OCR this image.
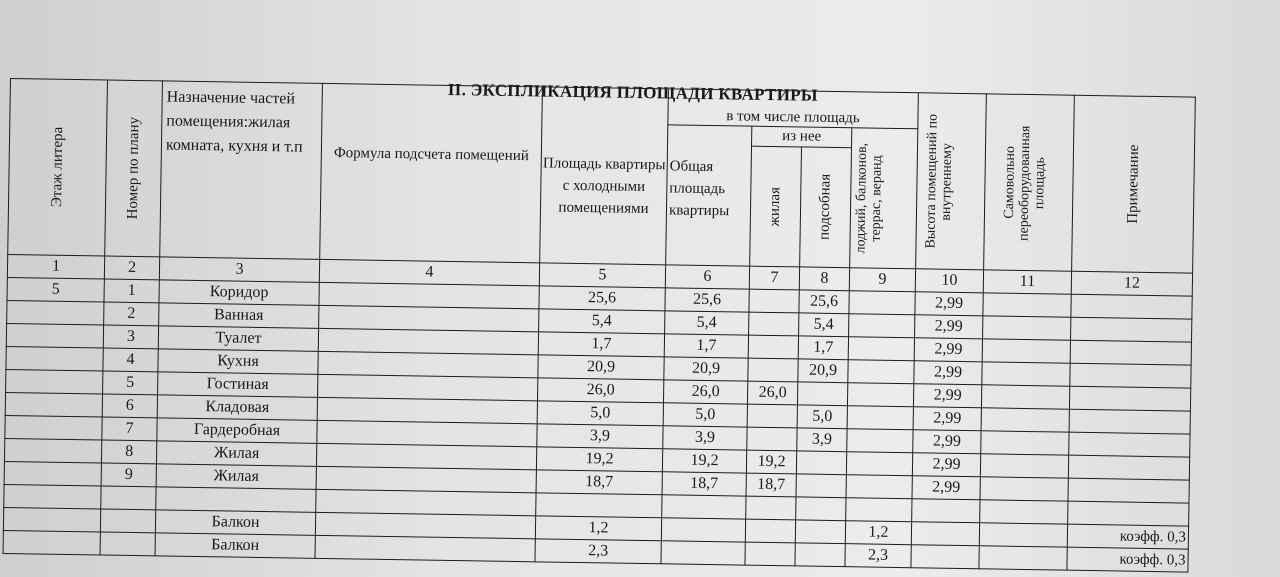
II. ЭКСПЛИКАЦИЯ ПЛОЩАДИ КВАРТИРЫ
Этаж литера	Номер по плану	Назначение частей помещения:жилая комната, кухня и т.п	Формула подсчета помещений	Площадь квартиры с холодными помещениями	в том числе площадь				Высота помещений по внутреннему	Самовольно переоборудованная площадь	Примечание

					Общая площадь квартиры	из нее		лоджий, балконов, террас, веранд			

						жилая	подсобная				

1	2	3	4	5	6	7	8	9	10	11	12
5	1	Коридор		25,6	25,6		25,6		2,99		
	2	Ванная		5,4	5,4		5,4		2,99		
	3	Туалет		1,7	1,7		1,7		2,99		
	4	Кухня		20,9	20,9		20,9		2,99		
	5	Гостиная		26,0	26,0	26,0			2,99		
	6	Кладовая		5,0	5,0		5,0		2,99		
	7	Гардеробная		3,9	3,9		3,9		2,99		
	8	Жилая		19,2	19,2	19,2			2,99		
	9	Жилая		18,7	18,7	18,7			2,99		

		Балкон		1,2				1,2			коэфф. 0,3
		Балкон		2,3				2,3			коэфф. 0,3
